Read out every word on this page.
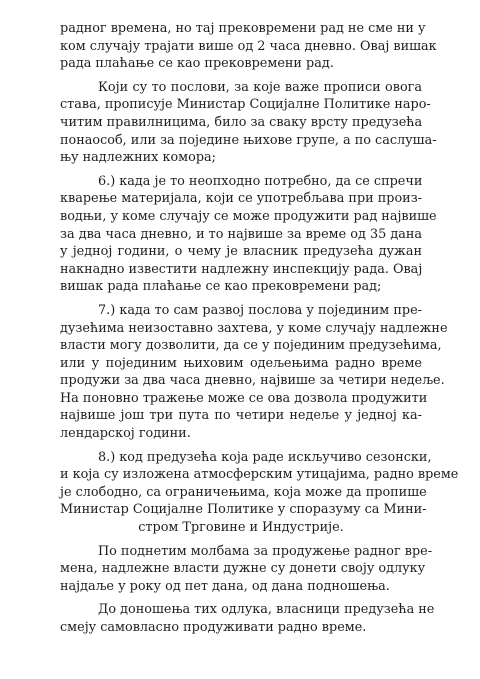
радног времена, но тај прековремени рад не сме ни у
ком случају трајати више од 2 часа дневно. Овај вишак
рада плаћање се као прековремени рад.

Који су то послови, за које важе прописи овога
става, прописује Министар Социјалне Политике наро-
читим правилницима, било за сваку врсту предузећа
понаособ, или за поједине њихове групе, а по саслуша-
њу надлежних комора;

6.) када је то неопходно потребно, да се спречи
кварење материјала, који се употребљава при произ-
водњи, у коме случају се може продужити рад највише
за два часа дневно, и то највише за време од 35 дана
у једној години, о чему је власник предузећа дужан
накнадно известити надлежну инспекцију рада. Овај
вишак рада плаћање се као прековремени рад;

7.) када то сам развој послова у појединим пре-
дузећима неизоставно захтева, у коме случају надлежне
власти могу дозволити, да се у појединим предузећима,
или у појединим њиховим одељењима радно време
продужи за два часа дневно, највише за четири недеље.
На поновно тражење може се ова дозвола продужити
највише још три пута по четири недеље у једној ка-
лендарској години.

8.) код предузећа која раде искључиво сезонски,
и која су изложена атмосферским утицајима, радно време
је слободно, са ограничењима, која може да пропише
Министар Социјалне Политике у споразуму са Мини-
стром Трговине и Индустрије.

По поднетим молбама за продужење радног вре-
мена, надлежне власти дужне су донети своју одлуку
најдаље у року од пет дана, од дана подношења.

До доношења тих одлука, власници предузећа не
смеју самовласно продуживати радно време.
